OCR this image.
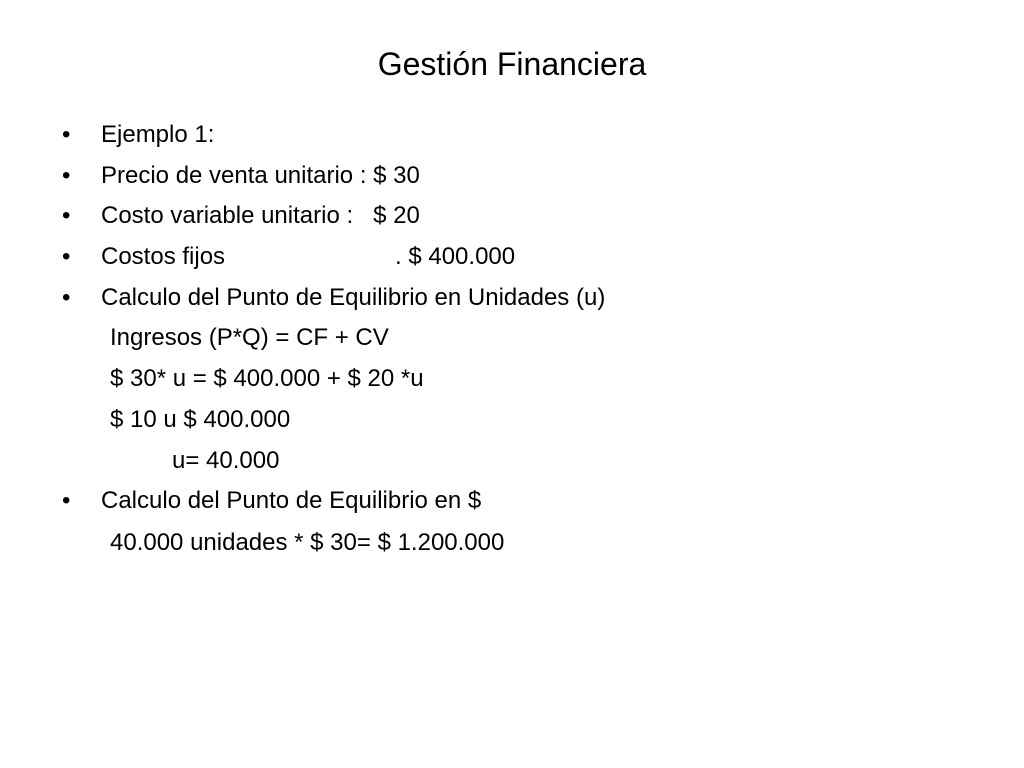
Gestión Financiera
• Ejemplo 1:
• Precio de venta unitario : $ 30
• Costo variable unitario :   $ 20
• Costos fijos	. $ 400.000
• Calculo del Punto de Equilibrio en Unidades (u)
Ingresos (P*Q) = CF + CV
$ 30* u = $ 400.000 + $ 20 *u
$ 10 u $ 400.000
u= 40.000
• Calculo del Punto de Equilibrio en $
40.000 unidades * $ 30= $ 1.200.000
